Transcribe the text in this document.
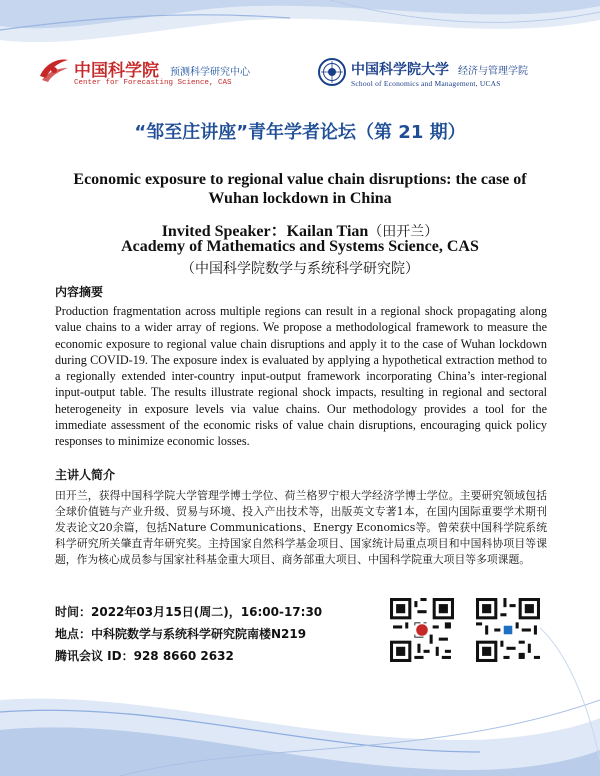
中国科学院 预测科学研究中心
Center for Forecasting Science, CAS
中国科学院大学 经济与管理学院
School of Economics and Management, UCAS
“邹至庄讲座”青年学者论坛（第 21 期）
Economic exposure to regional value chain disruptions: the case of Wuhan lockdown in China
Invited Speaker：Kailan Tian（田开兰）
Academy of Mathematics and Systems Science, CAS
（中国科学院数学与系统科学研究院）
内容摘要
Production fragmentation across multiple regions can result in a regional shock propagating along value chains to a wider array of regions. We propose a methodological framework to measure the economic exposure to regional value chain disruptions and apply it to the case of Wuhan lockdown during COVID-19. The exposure index is evaluated by applying a hypothetical extraction method to a regionally extended inter-country input-output framework incorporating China’s inter-regional input-output table. The results illustrate regional shock impacts, resulting in regional and sectoral heterogeneity in exposure levels via value chains. Our methodology provides a tool for the immediate assessment of the economic risks of value chain disruptions, encouraging quick policy responses to minimize economic losses.
主讲人简介
田开兰，获得中国科学院大学管理学博士学位、荷兰格罗宁根大学经济学博士学位。主要研究领域包括全球价值链与产业升级、贸易与环境、投入产出技术等，出版英文专著1本，在国内国际重要学术期刊发表论文20余篇，包括Nature Communications、Energy Economics等。曾荣获中国科学院系统科学研究所关肇直青年研究奖。主持国家自然科学基金项目、国家统计局重点项目和中国科协项目等课题，作为核心成员参与国家社科基金重大项目、商务部重大项目、中国科学院重大项目等多项课题。
时间：2022年03月15日(周二)，16:00-17:30
地点：中科院数学与系统科学研究院南楼N219
腾讯会议 ID：928 8660 2632
